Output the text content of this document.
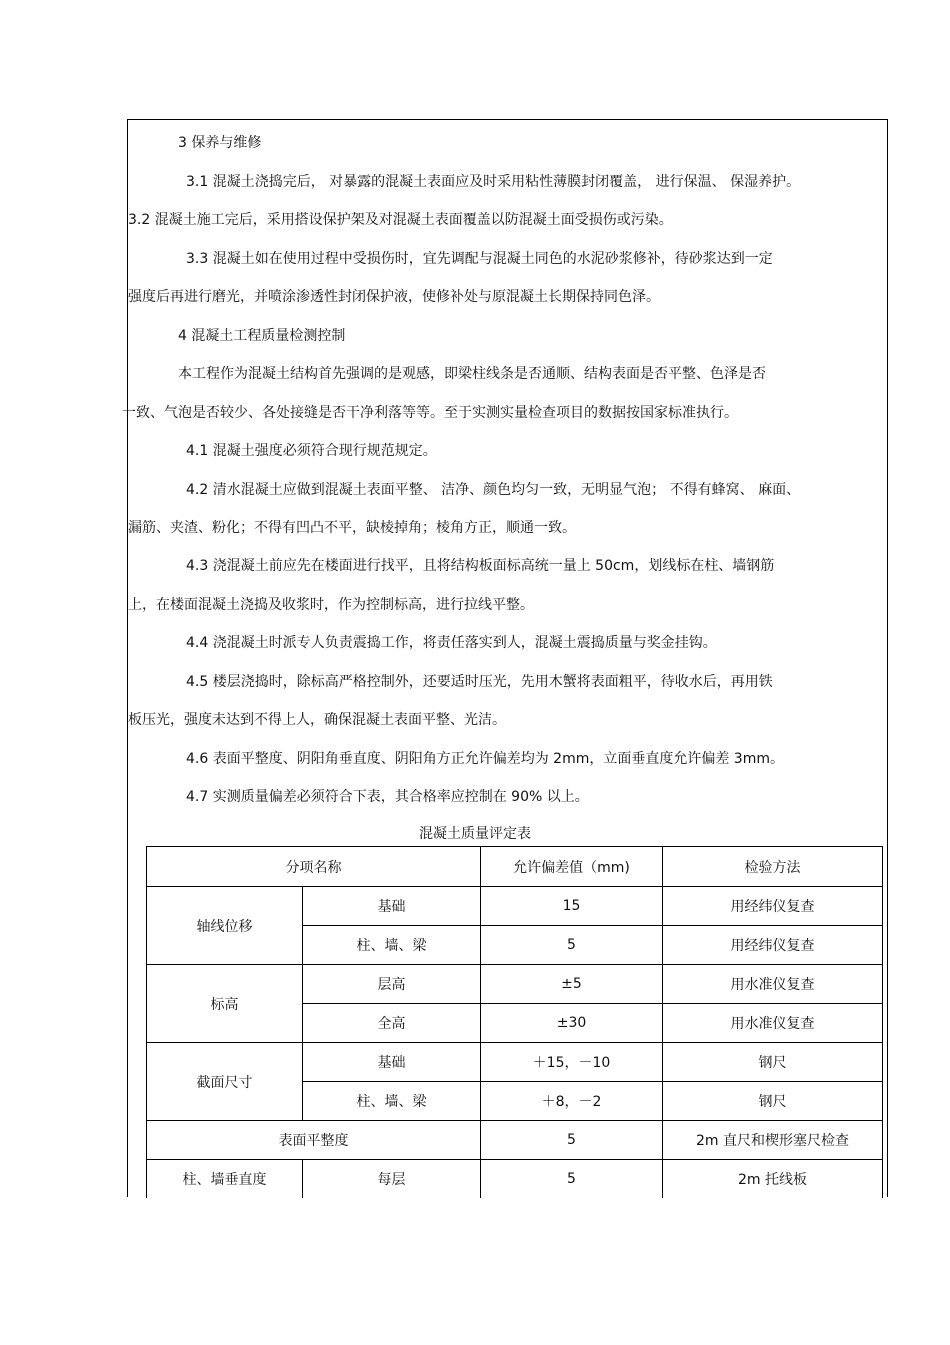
3 保养与维修
3.1 混凝土浇捣完后， 对暴露的混凝土表面应及时采用粘性薄膜封闭覆盖， 进行保温、 保湿养护。
3.2 混凝土施工完后，采用搭设保护架及对混凝土表面覆盖以防混凝土面受损伤或污染。
3.3 混凝土如在使用过程中受损伤时，宜先调配与混凝土同色的水泥砂浆修补，待砂浆达到一定
强度后再进行磨光，并喷涂渗透性封闭保护液，使修补处与原混凝土长期保持同色泽。
4 混凝土工程质量检测控制
本工程作为混凝土结构首先强调的是观感，即梁柱线条是否通顺、结构表面是否平整、色泽是否
一致、气泡是否较少、各处接缝是否干净利落等等。至于实测实量检查项目的数据按国家标准执行。
4.1 混凝土强度必须符合现行规范规定。
4.2 清水混凝土应做到混凝土表面平整、 洁净、颜色均匀一致，无明显气泡； 不得有蜂窝、 麻面、
漏筋、夹渣、粉化；不得有凹凸不平，缺棱掉角；棱角方正，顺通一致。
4.3 浇混凝土前应先在楼面进行找平，且将结构板面标高统一量上 50cm，划线标在柱、墙钢筋
上，在楼面混凝土浇捣及收浆时，作为控制标高，进行拉线平整。
4.4 浇混凝土时派专人负责震捣工作，将责任落实到人，混凝土震捣质量与奖金挂钩。
4.5 楼层浇捣时，除标高严格控制外，还要适时压光，先用木蟹将表面粗平，待收水后，再用铁
板压光，强度未达到不得上人，确保混凝土表面平整、光洁。
4.6 表面平整度、阴阳角垂直度、阴阳角方正允许偏差均为 2mm，立面垂直度允许偏差 3mm。
4.7 实测质量偏差必须符合下表，其合格率应控制在 90% 以上。
混凝土质量评定表
分项名称		允许偏差值（mm)	检验方法
轴线位移	基础	15	用经纬仪复查
	柱、墙、梁	5	用经纬仪复查
标高	层高	±5	用水准仪复查
	全高	±30	用水准仪复查
截面尺寸	基础	＋15，－10	钢尺
	柱、墙、梁	＋8，－2	钢尺
表面平整度		5	2m 直尺和楔形塞尺检查
柱、墙垂直度	每层	5	2m 托线板
